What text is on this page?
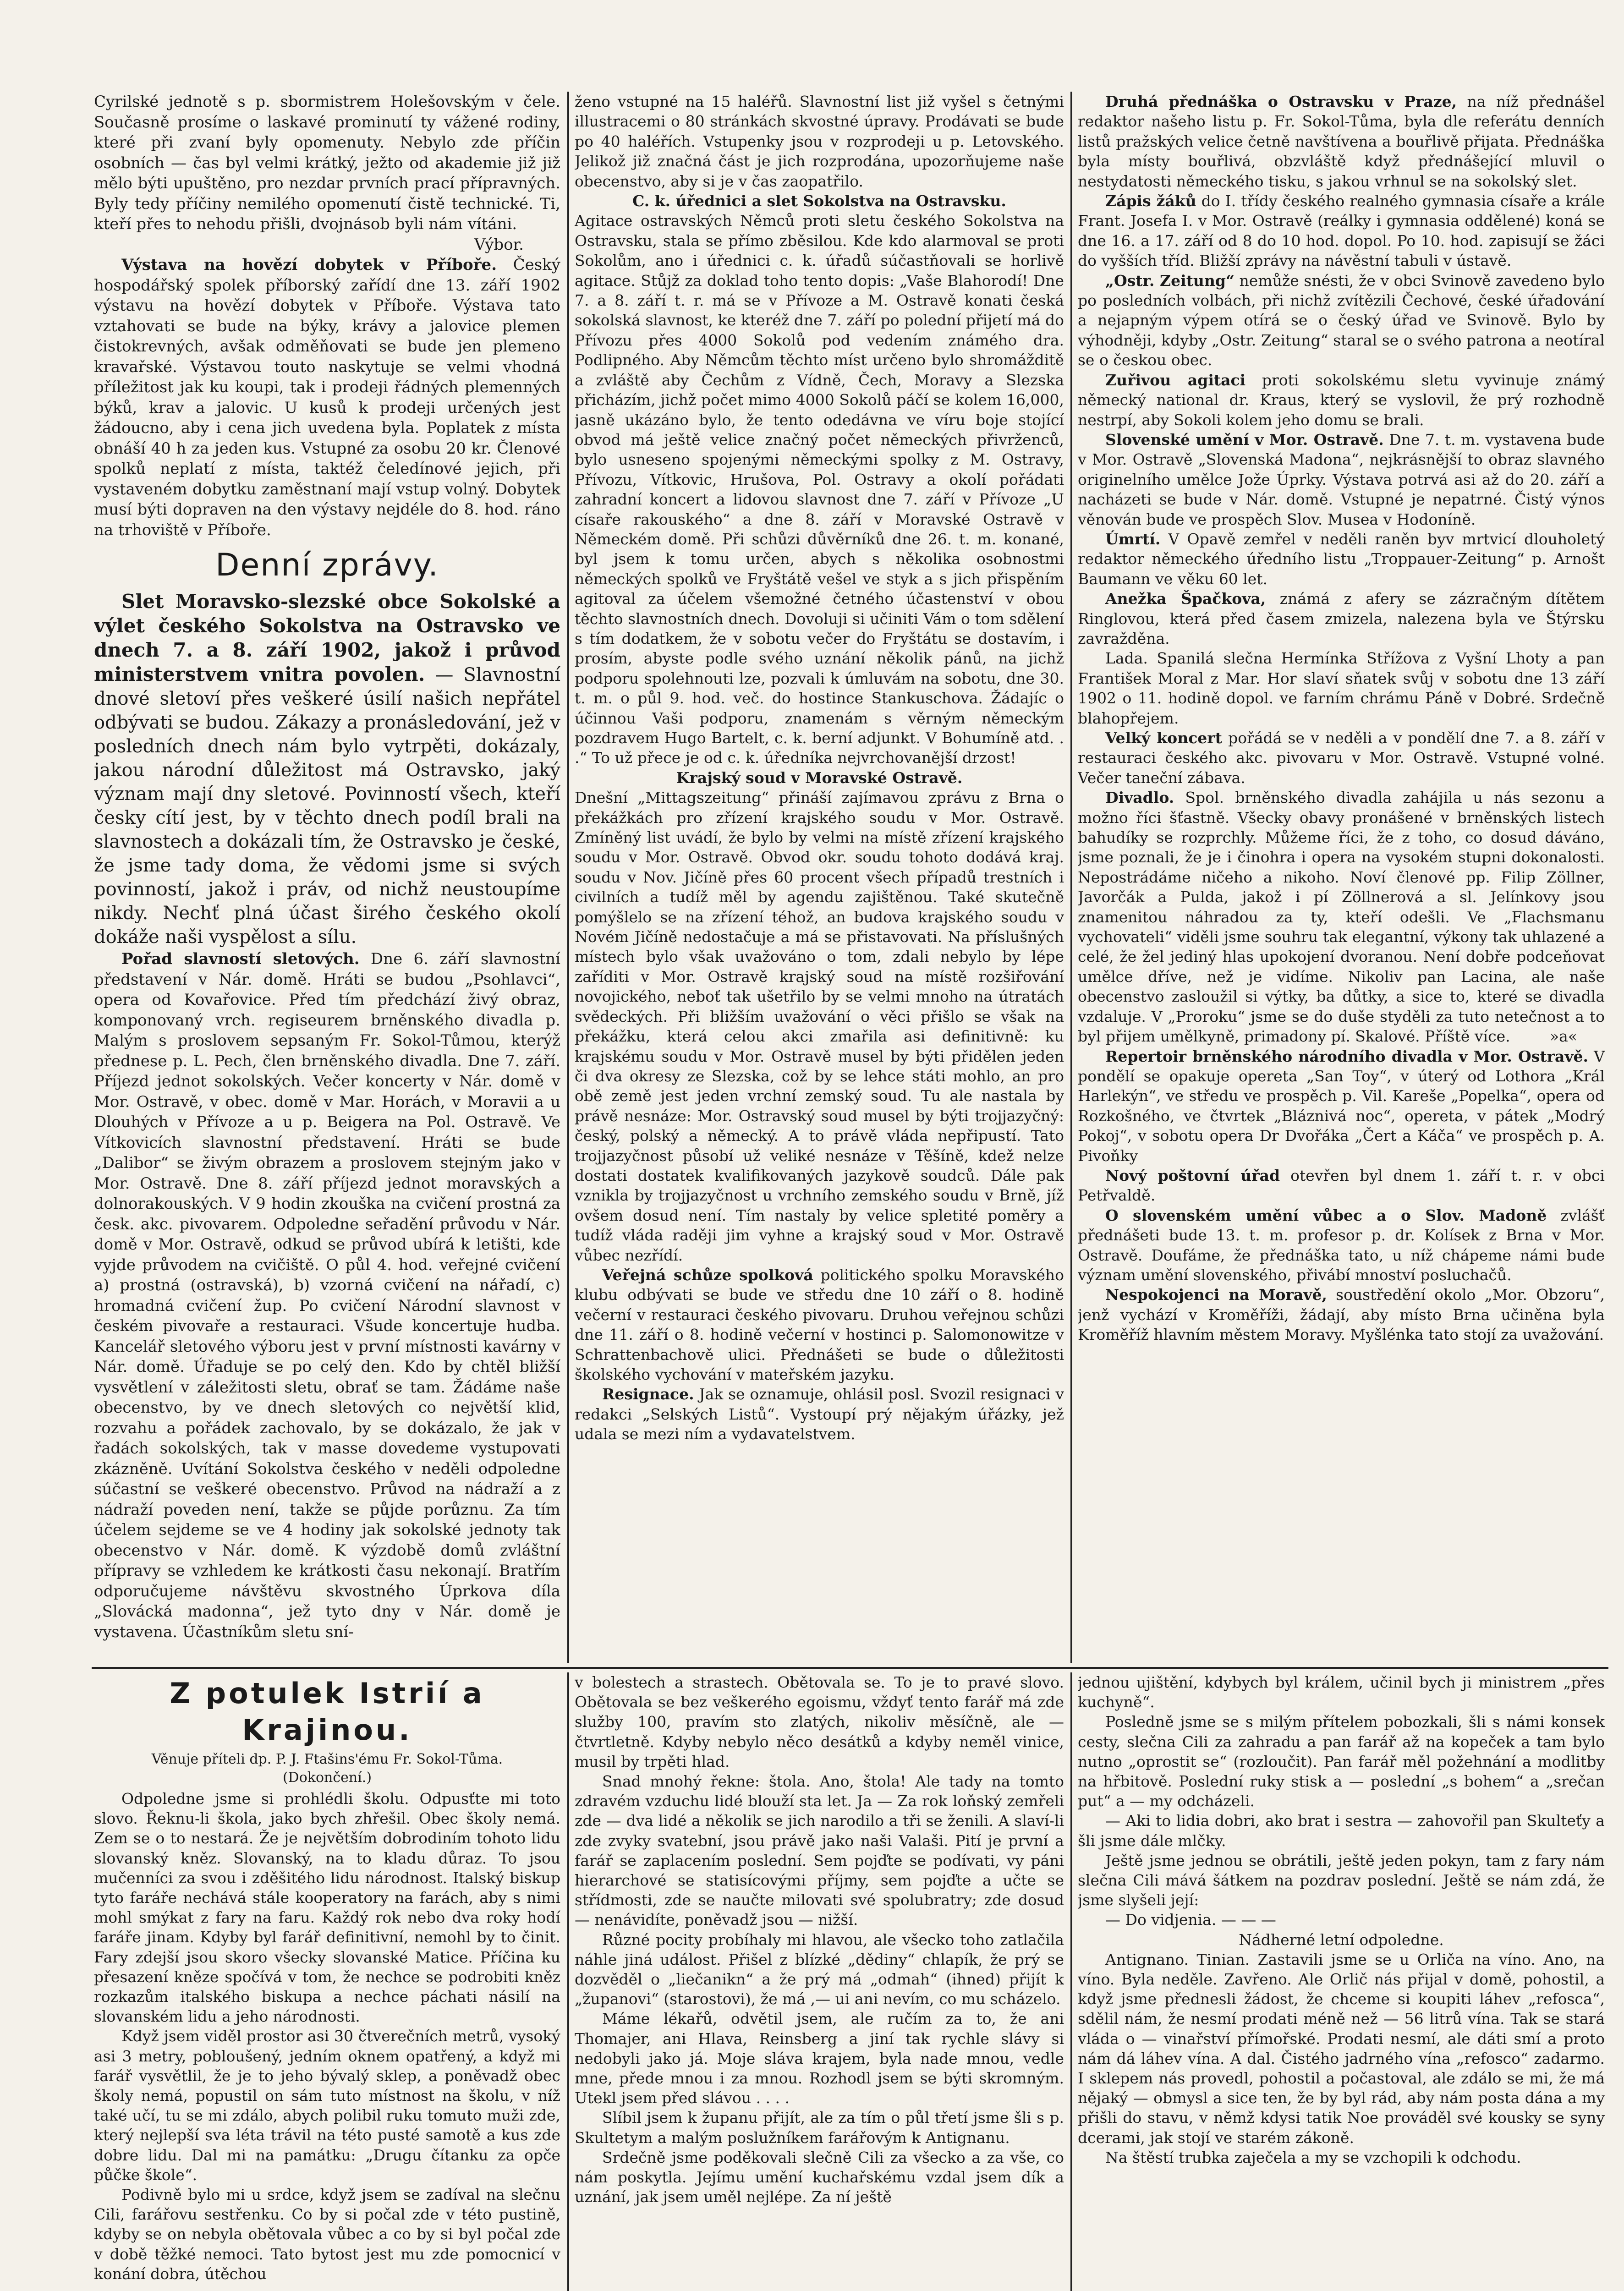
Cyrilské jednotě s p. sbormistrem Holešovským v čele. Současně prosíme o laskavé prominutí ty vážené rodiny, které při zvaní byly opomenuty. Nebylo zde příčin osobních — čas byl velmi krátký, ježto od akademie již již mělo býti upuštěno, pro nezdar prvních prací přípravných. Byly tedy příčiny nemilého opomenutí čistě technické. Ti, kteří přes to nehodu přišli, dvojnásob byli nám vítáni.

Výbor.

Výstava na hovězí dobytek v Příboře. Český hospodářský spolek příborský zařídí dne 13. září 1902 výstavu na hovězí dobytek v Příboře. Výstava tato vztahovati se bude na býky, krávy a jalovice plemen čistokrevných, avšak odměňovati se bude jen plemeno kravařské. Výstavou touto naskytuje se velmi vhodná příležitost jak ku koupi, tak i prodeji řádných plemenných býků, krav a jalovic. U kusů k prodeji určených jest žádoucno, aby i cena jich uvedena byla. Poplatek z místa obnáší 40 h za jeden kus. Vstupné za osobu 20 kr. Členové spolků neplatí z místa, taktéž čeledínové jejich, při vystaveném dobytku zaměstnaní mají vstup volný. Dobytek musí býti dopraven na den výstavy nejdéle do 8. hod. ráno na trhoviště v Příboře.

Denní zprávy.

Slet Moravsko-slezské obce Sokolské a výlet českého Sokolstva na Ostravsko ve dnech 7. a 8. září 1902, jakož i průvod ministerstvem vnitra povolen. — Slavnostní dnové sletoví přes veškeré úsilí našich nepřátel odbývati se budou. Zákazy a pronásledování, jež v posledních dnech nám bylo vytrpěti, dokázaly, jakou národní důležitost má Ostravsko, jaký význam mají dny sletové. Povinností všech, kteří česky cítí jest, by v těchto dnech podíl brali na slavnostech a dokázali tím, že Ostravsko je české, že jsme tady doma, že vědomi jsme si svých povinností, jakož i práv, od nichž neustoupíme nikdy. Nechť plná účast širého českého okolí dokáže naši vyspělost a sílu.

Pořad slavností sletových. Dne 6. září slavnostní představení v Nár. domě. Hráti se budou „Psohlavci“, opera od Kovařovice. Před tím předchází živý obraz, komponovaný vrch. regiseurem brněnského divadla p. Malým s proslovem sepsaným Fr. Sokol-Tůmou, kterýž přednese p. L. Pech, člen brněnského divadla. Dne 7. září. Příjezd jednot sokolských. Večer koncerty v Nár. domě v Mor. Ostravě, v obec. domě v Mar. Horách, v Moravii a u Dlouhých v Přívoze a u p. Beigera na Pol. Ostravě. Ve Vítkovicích slavnostní představení. Hráti se bude „Dalibor“ se živým obrazem a proslovem stejným jako v Mor. Ostravě. Dne 8. září příjezd jednot moravských a dolnorakouských. V 9 hodin zkouška na cvičení prostná za česk. akc. pivovarem. Odpoledne seřadění průvodu v Nár. domě v Mor. Ostravě, odkud se průvod ubírá k letišti, kde vyjde průvodem na cvičiště. O půl 4. hod. veřejné cvičení a) prostná (ostravská), b) vzorná cvičení na nářadí, c) hromadná cvičení žup. Po cvičení Národní slavnost v českém pivovaře a restauraci. Všude koncertuje hudba. Kancelář sletového výboru jest v první místnosti kavárny v Nár. domě. Úřaduje se po celý den. Kdo by chtěl bližší vysvětlení v záležitosti sletu, obrať se tam. Žádáme naše obecenstvo, by ve dnech sletových co největší klid, rozvahu a pořádek zachovalo, by se dokázalo, že jak v řadách sokolských, tak v masse dovedeme vystupovati zkázněně. Uvítání Sokolstva českého v neděli odpoledne súčastní se veškeré obecenstvo. Průvod na nádraží a z nádraží poveden není, takže se půjde porůznu. Za tím účelem sejdeme se ve 4 hodiny jak sokolské jednoty tak obecenstvo v Nár. domě. K výzdobě domů zvláštní přípravy se vzhledem ke krátkosti času nekonají. Bratřím odporučujeme návštěvu skvostného Úprkova díla „Slovácká madonna“, jež tyto dny v Nár. domě je vystavena. Účastníkům sletu sní-

ženo vstupné na 15 haléřů. Slavnostní list již vyšel s četnými illustracemi o 80 stránkách skvostné úpravy. Prodávati se bude po 40 haléřích. Vstupenky jsou v rozprodeji u p. Letovského. Jelikož již značná část je jich rozprodána, upozorňujeme naše obecenstvo, aby si je v čas zaopatřilo.

C. k. úřednici a slet Sokolstva na Ostravsku.

Agitace ostravských Němců proti sletu českého Sokolstva na Ostravsku, stala se přímo zběsilou. Kde kdo alarmoval se proti Sokolům, ano i úřednici c. k. úřadů súčastňovali se horlivě agitace. Stůjž za doklad toho tento dopis: „Vaše Blahorodí! Dne 7. a 8. září t. r. má se v Přívoze a M. Ostravě konati česká sokolská slavnost, ke kteréž dne 7. září po polední přijetí má do Přívozu přes 4000 Sokolů pod vedením známého dra. Podlipného. Aby Němcům těchto míst určeno bylo shromážditě a zvláště aby Čechům z Vídně, Čech, Moravy a Slezska přicházím, jichž počet mimo 4000 Sokolů páčí se kolem 16,000, jasně ukázáno bylo, že tento odedávna ve víru boje stojící obvod má ještě velice značný počet německých přivrženců, bylo usneseno spojenými německými spolky z M. Ostravy, Přívozu, Vítkovic, Hrušova, Pol. Ostravy a okolí pořádati zahradní koncert a lidovou slavnost dne 7. září v Přívoze „U císaře rakouského“ a dne 8. září v Moravské Ostravě v Německém domě. Při schůzi důvěrníků dne 26. t. m. konané, byl jsem k tomu určen, abych s několika osobnostmi německých spolků ve Fryštátě vešel ve styk a s jich přispěním agitoval za účelem všemožné četného účastenství v obou těchto slavnostních dnech. Dovoluji si učiniti Vám o tom sdělení s tím dodatkem, že v sobotu večer do Fryštátu se dostavím, i prosím, abyste podle svého uznání několik pánů, na jichž podporu spolehnouti lze, pozvali k úmluvám na sobotu, dne 30. t. m. o půl 9. hod. več. do hostince Stankuschova. Žádajíc o účinnou Vaši podporu, znamenám s věrným německým pozdravem Hugo Bartelt, c. k. berní adjunkt. V Bohumíně atd. . .“ To už přece je od c. k. úředníka nejvrchovanější drzost!

Krajský soud v Moravské Ostravě.

Dnešní „Mittagszeitung“ přináší zajímavou zprávu z Brna o překážkách pro zřízení krajského soudu v Mor. Ostravě. Zmíněný list uvádí, že bylo by velmi na místě zřízení krajského soudu v Mor. Ostravě. Obvod okr. soudu tohoto dodává kraj. soudu v Nov. Jičíně přes 60 procent všech případů trestních i civilních a tudíž měl by agendu zajištěnou. Také skutečně pomýšlelo se na zřízení téhož, an budova krajského soudu v Novém Jičíně nedostačuje a má se přistavovati. Na příslušných místech bylo však uvažováno o tom, zdali nebylo by lépe zaříditi v Mor. Ostravě krajský soud na místě rozšiřování novojického, neboť tak ušetřilo by se velmi mnoho na útratách svědeckých. Při bližším uvažování o věci přišlo se však na překážku, která celou akci zmařila asi definitivně: ku krajskému soudu v Mor. Ostravě musel by býti přidělen jeden či dva okresy ze Slezska, což by se lehce státi mohlo, an pro obě země jest jeden vrchní zemský soud. Tu ale nastala by právě nesnáze: Mor. Ostravský soud musel by býti trojjazyčný: český, polský a německý. A to právě vláda nepřipustí. Tato trojjazyčnost působí už veliké nesnáze v Těšíně, kdež nelze dostati dostatek kvalifikovaných jazykově soudců. Dále pak vznikla by trojjazyčnost u vrchního zemského soudu v Brně, jíž ovšem dosud není. Tím nastaly by velice spletité poměry a tudíž vláda raději jim vyhne a krajský soud v Mor. Ostravě vůbec nezřídí.

Veřejná schůze spolková politického spolku Moravského klubu odbývati se bude ve středu dne 10 září o 8. hodině večerní v restauraci českého pivovaru. Druhou veřejnou schůzi dne 11. září o 8. hodině večerní v hostinci p. Salomonowitze v Schrattenbachově ulici. Přednášeti se bude o důležitosti školského vychování v mateřském jazyku.

Resignace. Jak se oznamuje, ohlásil posl. Svozil resignaci v redakci „Selských Listů“. Vystoupí prý nějakým úřázky, jež udala se mezi ním a vydavatelstvem.

Druhá přednáška o Ostravsku v Praze, na níž přednášel redaktor našeho listu p. Fr. Sokol-Tůma, byla dle referátu denních listů pražských velice četně navštívena a bouřlivě přijata. Přednáška byla místy bouřlivá, obzvláště když přednášející mluvil o nestydatosti německého tisku, s jakou vrhnul se na sokolský slet.

Zápis žáků do I. třídy českého realného gymnasia císaře a krále Frant. Josefa I. v Mor. Ostravě (reálky i gymnasia oddělené) koná se dne 16. a 17. září od 8 do 10 hod. dopol. Po 10. hod. zapisují se žáci do vyšších tříd. Bližší zprávy na návěstní tabuli v ústavě.

„Ostr. Zeitung“ nemůže snésti, že v obci Svinově zavedeno bylo po posledních volbách, při nichž zvítězili Čechové, české úřadování a nejapným výpem otírá se o český úřad ve Svinově. Bylo by výhodněji, kdyby „Ostr. Zeitung“ staral se o svého patrona a neotíral se o českou obec.

Zuřivou agitaci proti sokolskému sletu vyvinuje známý německý national dr. Kraus, který se vyslovil, že prý rozhodně nestrpí, aby Sokoli kolem jeho domu se brali.

Slovenské umění v Mor. Ostravě. Dne 7. t. m. vystavena bude v Mor. Ostravě „Slovenská Madona“, nejkrásnější to obraz slavného originelního umělce Jože Úprky. Výstava potrvá asi až do 20. září a nacházeti se bude v Nár. domě. Vstupné je nepatrné. Čistý výnos věnován bude ve prospěch Slov. Musea v Hodoníně.

Úmrtí. V Opavě zemřel v neděli raněn byv mrtvicí dlouholetý redaktor německého úředního listu „Troppauer-Zeitung“ p. Arnošt Baumann ve věku 60 let.

Anežka Špačkova, známá z afery se zázračným dítětem Ringlovou, která před časem zmizela, nalezena byla ve Štýrsku zavražděna.

Lada. Spanilá slečna Hermínka Střížova z Vyšní Lhoty a pan František Moral z Mar. Hor slaví sňatek svůj v sobotu dne 13 září 1902 o 11. hodině dopol. ve farním chrámu Páně v Dobré. Srdečně blahopřejem.

Velký koncert pořádá se v neděli a v pondělí dne 7. a 8. září v restauraci českého akc. pivovaru v Mor. Ostravě. Vstupné volné. Večer taneční zábava.

Divadlo. Spol. brněnského divadla zahájila u nás sezonu a možno říci šťastně. Všecky obavy pronášené v brněnských listech bahudíky se rozprchly. Můžeme říci, že z toho, co dosud dáváno, jsme poznali, že je i činohra i opera na vysokém stupni dokonalosti. Nepostrádáme ničeho a nikoho. Noví členové pp. Filip Zöllner, Javorčák a Pulda, jakož i pí Zöllnerová a sl. Jelínkovy jsou znamenitou náhradou za ty, kteří odešli. Ve „Flachsmanu vychovateli“ viděli jsme souhru tak elegantní, výkony tak uhlazené a celé, že žel jediný hlas upokojení dvoranou. Není dobře podceňovat umělce dříve, než je vidíme. Nikoliv pan Lacina, ale naše obecenstvo zasloužil si výtky, ba důtky, a sice to, které se divadla vzdaluje. V „Proroku“ jsme se do duše styděli za tuto netečnost a to byl přijem umělkyně, primadony pí. Skalové. Příště více.	»a«

Repertoir brněnského národního divadla v Mor. Ostravě. V pondělí se opakuje opereta „San Toy“, v úterý od Lothora „Král Harlekýn“, ve středu ve prospěch p. Vil. Kareše „Popelka“, opera od Rozkošného, ve čtvrtek „Bláznivá noc“, opereta, v pátek „Modrý Pokoj“, v sobotu opera Dr Dvořáka „Čert a Káča“ ve prospěch p. A. Pivoňky

Nový poštovní úřad otevřen byl dnem 1. září t. r. v obci Petřvaldě.

O slovenském umění vůbec a o Slov. Madoně zvlášť přednášeti bude 13. t. m. profesor p. dr. Kolísek z Brna v Mor. Ostravě. Doufáme, že přednáška tato, u níž chápeme námi bude význam umění slovenského, přivábí mnoství posluchačů.

Nespokojenci na Moravě, soustředění okolo „Mor. Obzoru“, jenž vychází v Kroměříži, žádají, aby místo Brna učiněna byla Kroměříž hlavním městem Moravy. Myšlénka tato stojí za uvažování.

Z potulek Istrií a Krajinou.
Věnuje příteli dp. P. J. Ftašins'ému Fr. Sokol-Tůma.
(Dokončení.)

Odpoledne jsme si prohlédli školu. Odpusťte mi toto slovo. Řeknu-li škola, jako bych zhřešil. Obec školy nemá. Zem se o to nestará. Že je největším dobrodiním tohoto lidu slovanský kněz. Slovanský, na to kladu důraz. To jsou mučenníci za svou i zděšitého lidu národnost. Italský biskup tyto faráře nechává stále kooperatory na farách, aby s nimi mohl smýkat z fary na faru. Každý rok nebo dva roky hodí faráře jinam. Kdyby byl farář definitivní, nemohl by to činit. Fary zdejší jsou skoro všecky slovanské Matice. Příčina ku přesazení kněze spočívá v tom, že nechce se podrobiti kněz rozkazům italského biskupa a nechce páchati násilí na slovanském lidu a jeho národnosti.

Když jsem viděl prostor asi 30 čtverečních metrů, vysoký asi 3 metry, pobloušený, jedním oknem opatřený, a když mi farář vysvětlil, že je to jeho bývalý sklep, a poněvadž obec školy nemá, popustil on sám tuto místnost na školu, v níž také učí, tu se mi zdálo, abych polibil ruku tomuto muži zde, který nejlepší sva léta trávil na této pusté samotě a kus zde dobre lidu. Dal mi na památku: „Drugu čítanku za opče půčke škole“.

Podivně bylo mi u srdce, když jsem se zadíval na slečnu Cili, farářovu sestřenku. Co by si počal zde v této pustině, kdyby se on nebyla obětovala vůbec a co by si byl počal zde v době těžké nemoci. Tato bytost jest mu zde pomocnicí v konání dobra, útěchou

v bolestech a strastech. Obětovala se. To je to pravé slovo. Obětovala se bez veškerého egoismu, vždyť tento farář má zde služby 100, pravím sto zlatých, nikoliv měsíčně, ale — čtvrtletně. Kdyby nebylo něco desátků a kdyby neměl vinice, musil by trpěti hlad.

Snad mnohý řekne: štola. Ano, štola! Ale tady na tomto zdravém vzduchu lidé blouží sta let. Ja — Za rok loňský zemřeli zde — dva lidé a několik se jich narodilo a tři se ženili. A slaví-li zde zvyky svatební, jsou právě jako naši Valaši. Pití je první a farář se zaplacením poslední. Sem pojďte se podívati, vy páni hierarchové se statisícovými příjmy, sem pojďte a učte se střídmosti, zde se naučte milovati své spolubratry; zde dosud — nenávidíte, poněvadž jsou — nižší.

Různé pocity probíhaly mi hlavou, ale všecko toho zatlačila náhle jiná událost. Přišel z blízké „dědiny“ chlapík, že prý se dozvěděl o „liečanikn“ a že prý má „odmah“ (ihned) přijít k „županovi“ (starostovi), že má ,— ui ani nevím, co mu scházelo.

Máme lékařů, odvětil jsem, ale ručím za to, že ani Thomajer, ani Hlava, Reinsberg a jiní tak rychle slávy si nedobyli jako já. Moje sláva krajem, byla nade mnou, vedle mne, přede mnou i za mnou. Rozhodl jsem se býti skromným. Utekl jsem před slávou . . . .

Slíbil jsem k županu přijít, ale za tím o půl třetí jsme šli s p. Skultetym a malým poslužníkem farářovým k Antignanu.

Srdečně jsme poděkovali slečně Cili za všecko a za vše, co nám poskytla. Jejímu umění kuchařskému vzdal jsem dík a uznání, jak jsem uměl nejlépe. Za ní ještě

jednou ujištění, kdybych byl králem, učinil bych ji ministrem „přes kuchyně“.

Posledně jsme se s milým přítelem pobozkali, šli s námi konsek cesty, slečna Cili za zahradu a pan farář až na kopeček a tam bylo nutno „oprostit se“ (rozloučit). Pan farář měl požehnání a modlitby na hřbitově. Poslední ruky stisk a — poslední „s bohem“ a „srečan put“ a — my odcházeli.

— Aki to lidia dobri, ako brat i sestra — zahovořil pan Skulteťy a šli jsme dále mlčky.

Ještě jsme jednou se obrátili, ještě jeden pokyn, tam z fary nám slečna Cili mává šátkem na pozdrav poslední. Ještě se nám zdá, že jsme slyšeli její:

— Do vidjenia. — — —

Nádherné letní odpoledne.

Antignano. Tinian. Zastavili jsme se u Orliča na víno. Ano, na víno. Byla neděle. Zavřeno. Ale Orlič nás přijal v domě, pohostil, a když jsme přednesli žádost, že chceme si koupiti láhev „refosca“, sdělil nám, že nesmí prodati méně než — 56 litrů vína. Tak se stará vláda o — vinařství přímořské. Prodati nesmí, ale dáti smí a proto nám dá láhev vína. A dal. Čistého jadrného vína „refosco“ zadarmo. I sklepem nás provedl, pohostil a počastoval, ale zdálo se mi, že má nějaký — obmysl a sice ten, že by byl rád, aby nám posta dána a my přišli do stavu, v němž kdysi tatik Noe prováděl své kousky se syny dcerami, jak stojí ve starém zákoně.

Na štěstí trubka zaječela a my se vzchopili k odchodu.
